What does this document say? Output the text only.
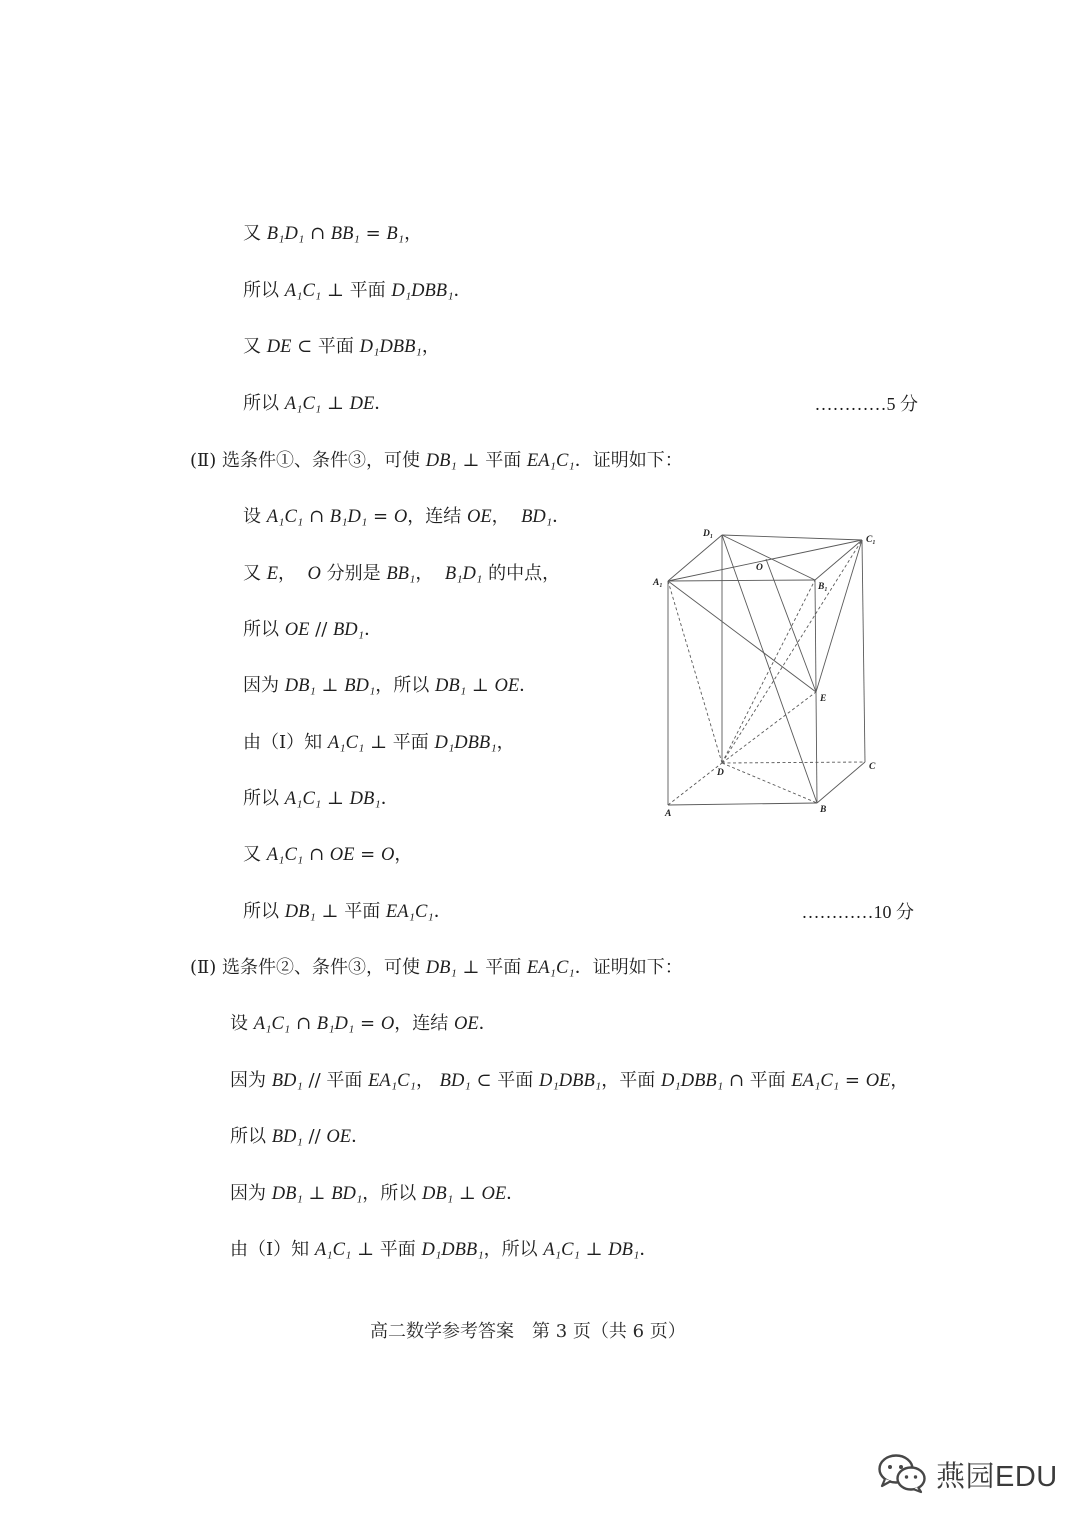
又 B₁D₁ ∩ BB₁ = B₁，
所以 A₁C₁ ⊥ 平面 D₁DBB₁．
又 DE ⊂ 平面 D₁DBB₁，
所以 A₁C₁ ⊥ DE．	…………5 分
(Ⅱ) 选条件①、条件③，可使 DB₁ ⊥ 平面 EA₁C₁．证明如下：
设 A₁C₁ ∩ B₁D₁ = O，连结 OE，  BD₁．
又 E，  O 分别是 BB₁，  B₁D₁ 的中点，
所以 OE // BD₁．
因为 DB₁ ⊥ BD₁，所以 DB₁ ⊥ OE．
由（Ⅰ）知 A₁C₁ ⊥ 平面 D₁DBB₁，
所以 A₁C₁ ⊥ DB₁．
又 A₁C₁ ∩ OE = O，
所以 DB₁ ⊥ 平面 EA₁C₁．	…………10 分
D₁
C₁
O
A₁	B₁
E
D
C
A	B
(Ⅱ) 选条件②、条件③，可使 DB₁ ⊥ 平面 EA₁C₁．证明如下：
设 A₁C₁ ∩ B₁D₁ = O，连结 OE．
因为 BD₁ // 平面 EA₁C₁， BD₁ ⊂ 平面 D₁DBB₁，平面 D₁DBB₁ ∩ 平面 EA₁C₁ = OE，
所以 BD₁ // OE．
因为 DB₁ ⊥ BD₁，所以 DB₁ ⊥ OE．
由（Ⅰ）知 A₁C₁ ⊥ 平面 D₁DBB₁，所以 A₁C₁ ⊥ DB₁．
高二数学参考答案　第 3 页（共 6 页）
燕园EDU
